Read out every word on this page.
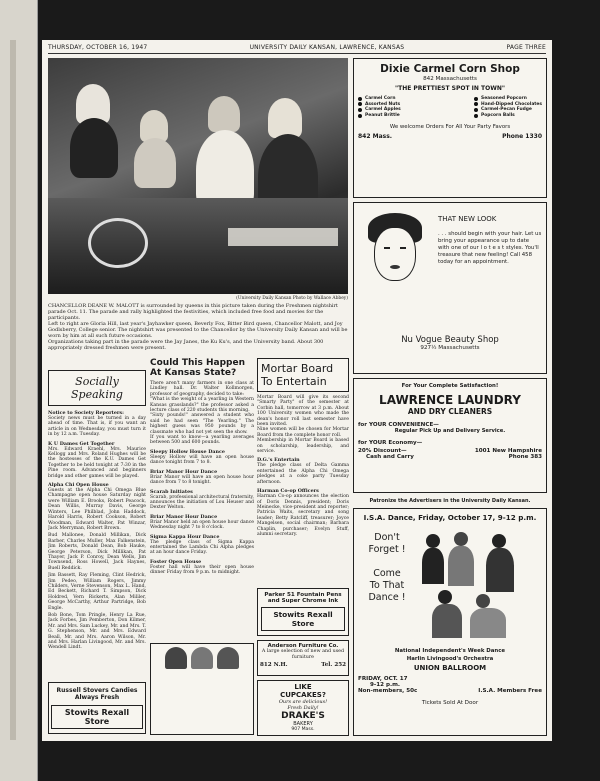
THURSDAY, OCTOBER 16, 1947	UNIVERSITY DAILY KANSAN, LAWRENCE, KANSAS	PAGE THREE
(University Daily Kansan Photo by Wallace Abbey)

CHANCELLOR DEANE W. MALOTT is surrounded by queens in this picture taken during the Freshmen nightshirt parade Oct. 11. The parade and rally highlighted the festivities, which included free food and movies for the participants.

Left to right are Gloria Hill, last year's Jayhawker queen, Beverly Fox, Bitter Bird queen, Chancellor Malott, and Joy Godlsberry, College senior. The nightshirt was presented to the Chancellor by the University Daily Kansan and will be worn by him at all such future occasions.

Organizations taking part in the parade were the Jay Janes, the Ku Ku's, and the University band. About 300 appropriately dressed freshmen were present.

Socially
Speaking
Notice to Society Reporters:

Society news must be turned in a day ahead of time. That is, if you want an article in on Wednesday, you must turn it in by 12 a.m. Tuesday.

K U Dames Get Together

Mrs. Edward Kraehl, Mrs. Maurice Kellogg and Mrs. Roland Hughes will be the hostesses of the K.U. Dames Get Together to be held tonight at 7:30 in the Pine room. Advanced and beginners bridge and other games will be played.

Alpha Chi Open House

Guests at the Alpha Chi Omega Blue Champagne open house Saturday night were William E. Brooks, Robert Peacock, Dean Willis, Murray Davis, George Winters, Lee Philblad, John Haddock, Harold Harris, Robert Cookson, Robert Woodman, Edward Walter, Pat Winzar, Jack Merryman, Robert Brown.

Bud Mallonee, Donald Millikan, Dick Barber, Charles Muller, Max Falkenstein, Jim Roberts, Donald Dean, Bob Hauke, George Peterson, Dick Millikan, Pat Thayer, Jack P. Conroy, Dean Wells, Jim Townsend, Ross Howell, Jack Haynes, Buell Reddick.

Jim Bassett, Ray Fleming, Clint Hedrick, Jim Pedeo, William Rogers, Jimmy Childers, Verne Stevenson, Max L. Hand, Ed Beckett, Richard T. Simpson, Dick Holdred, Vern Rickerts, Alan Mililer, George McCarthy, Arthur Partridge, Bob Engle.

Bob Bone, Tom Pringle, Henry La Rue, Jack Forbes, Jim Pemberton, Don Kilmer, Mr. and Mrs. Sam Luckey, Mr. and Mrs. T. G. Stephenson, Mr. and Mrs. Edward Beall, Mr. and Mrs. Aaron Wilson, Mr. and Mrs. Harlan Livingood, Mr. and Mrs. Wendell Lindt.

Russell Stovers Candies
Always Fresh
Stowits Rexall Store
Could This Happen At Kansas State?

There aren't many farmers in one class at Lindley hall. Dr. Walter Kollmorgen, professor of geography, decided to take:

"What is the weight of a yearling in Western Kansas grasslands?" the professor asked a lecture class of 220 students this morning.

"Sixty pounds!" answered a student who said he had seen "The Yearling." The highest guess was 950 pounds by a classmate who had not yet seen the show.

If you want to know—a yearling averages between 500 and 600 pounds.

Sleepy Hollow House Dance

Sleepy Hollow will have an open house dance tonight from 7 to 8.

Briar Manor Hour Dance

Briar Manor will have an open house hour dance from 7 to 8 tonight.

Scarab Initiates

Scarab, professional architectural fraternity, announces the initiation of Lou Heuser and Dexter Welton.

Briar Manor Hour Dance

Briar Manor held an open house hour dance Wednesday night 7 to 8 o'clock.

Sigma Kappa Hour Dance

The pledge class of Sigma Kappa entertained the Lambda Chi Alpha pledges at an hour dance Friday.

Foster Open House

Foster hall will have their open house dinner Friday from 9 p.m. to midnight.

Mortar Board To Entertain

Mortar Board will give its second "Smarty Party" of the semester at Corbin hall, tomorrow at 3 p.m. About 100 University women who made the dean's honor roll last semester have been invited.

Nine women will be chosen for Mortar Board from the complete honor roll.

Membership in Mortar Board is based on scholarship, leadership, and service.

D.G.'s Entertain

The pledge class of Delta Gamma entertained the Alpha Chi Omega pledges at a coke party Tuesday afternoon.

Harman Co-op Officers

Harman Co-op announces the election of Doris Dennis, president; Doris Meinecke, vice-president and reporter; Patricia Waits, secretary and song leader; Betty Ratcliff, treasurer; Joyce Mangelsen, social chairman; Barbara Chaplin, purchaser; Evelyn Stuff, alumni secretary.

Parker 51 Fountain Pens
and Super Chrome Ink
Stowits Rexall Store
Anderson Furniture Co.
A large selection of new and used furniture
812 N.H.	Tel. 252
LIKE
CUPCAKES?
Ours are delicious!
Fresh Daily!
DRAKE'S
BAKERY
907 Mass.
Dixie Carmel Corn Shop
842 Massachusetts
"THE PRETTIEST SPOT IN TOWN"
Carmel Corn
Assorted Nuts
Carmel Apples
Peanut Brittle
Seasoned Popcorn
Hand-Dipped Chocolates
Carmel-Pecan Fudge
Popcorn Balls
We welcome Orders For All Your Party Favors
842 Mass.	Phone 1330
THAT NEW LOOK

. . . should begin with your hair. Let us bring your appearance up to date with one of our l o t e s t styles. You'll treasure that new feeling! Call 458 today for an appointment.

Nu Vogue Beauty Shop
927½ Massachusetts
For Your Complete Satisfaction!
LAWRENCE LAUNDRY
AND DRY CLEANERS
for YOUR CONVENIENCE—
Regular Pick Up and Delivery Service.
for YOUR Economy—
20% Discount—
Cash and Carry
1001 New Hampshire
Phone 383
Patronize the Advertisers in the University Daily Kansan.
I.S.A. Dance, Friday, October 17, 9-12 p.m.
Don't
Forget !
Come
To That
Dance !
National Independent's Week Dance
Harlin Livingood's Orchestra
UNION BALLROOM
FRIDAY, OCT. 17
9-12 p.m.
Non-members, 50c	I.S.A. Members Free
Tickets Sold At Door
